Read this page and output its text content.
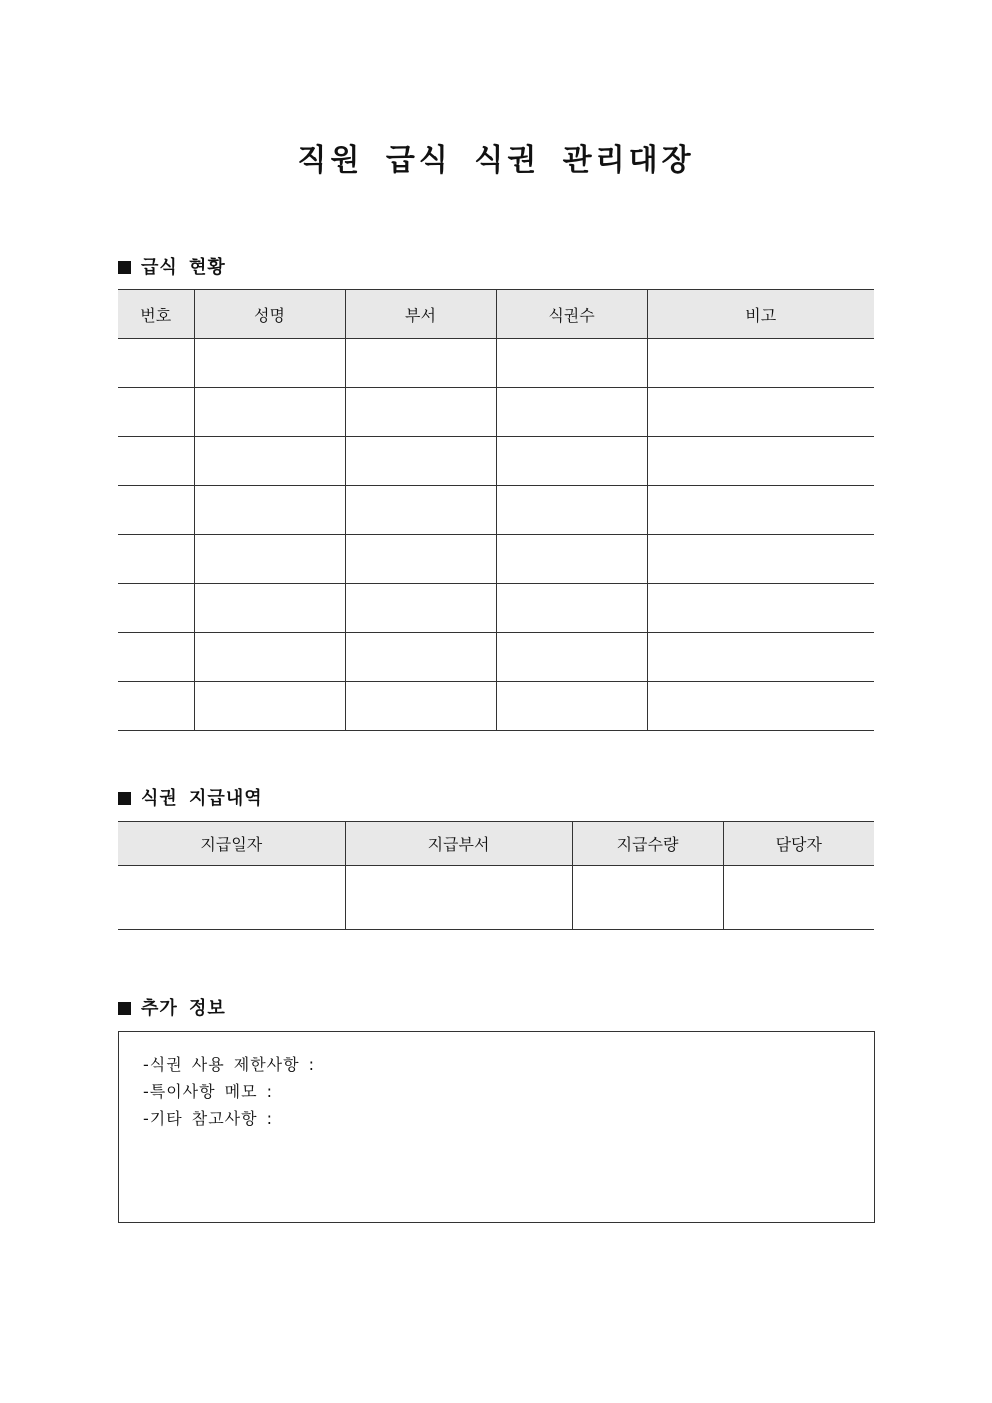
직원 급식 식권 관리대장
급식 현황
번호	성명	부서	식권수	비고

식권 지급내역
지급일자	지급부서	지급수량	담당자

추가 정보
-식권 사용 제한사항 :
-특이사항 메모 :
-기타 참고사항 :
